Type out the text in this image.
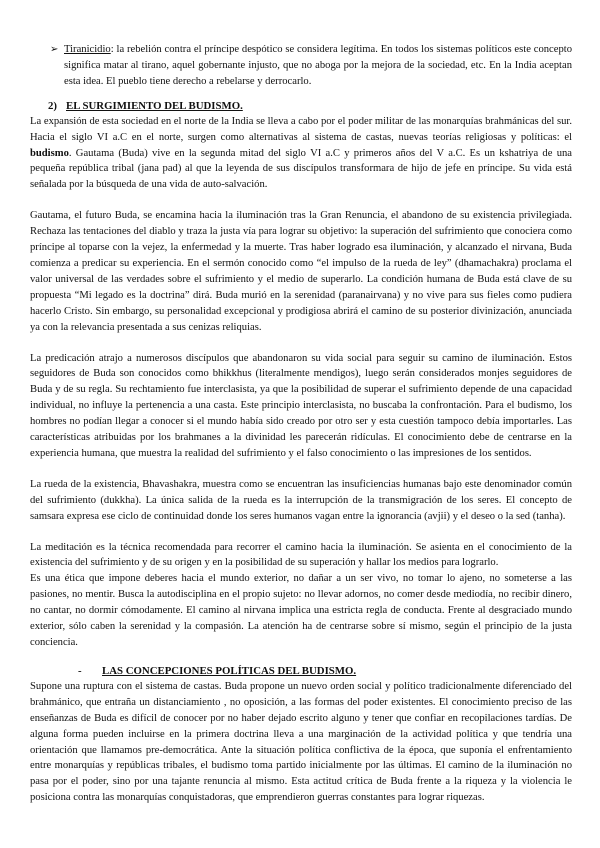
➢ Tiranicidio: la rebelión contra el príncipe despótico se considera legítima. En todos los sistemas políticos este concepto significa matar al tirano, aquel gobernante injusto, que no aboga por la mejora de la sociedad, etc. En la India aceptan esta idea. El pueblo tiene derecho a rebelarse y derrocarlo.

2) EL SURGIMIENTO DEL BUDISMO.

La expansión de esta sociedad en el norte de la India se lleva a cabo por el poder militar de las monarquías brahmánicas del sur. Hacia el siglo VI a.C en el norte, surgen como alternativas al sistema de castas, nuevas teorías religiosas y políticas: el budismo. Gautama (Buda) vive en la segunda mitad del siglo VI a.C y primeros años del V a.C. Es un kshatriya de una pequeña república tribal (jana pad) al que la leyenda de sus discípulos transformara de hijo de jefe en príncipe. Su vida está señalada por la búsqueda de una vida de auto-salvación.

Gautama, el futuro Buda, se encamina hacia la iluminación tras la Gran Renuncia, el abandono de su existencia privilegiada. Rechaza las tentaciones del diablo y traza la justa vía para lograr su objetivo: la superación del sufrimiento que conociera como príncipe al toparse con la vejez, la enfermedad y la muerte. Tras haber logrado esa iluminación, y alcanzado el nirvana, Buda comienza a predicar su experiencia. En el sermón conocido como “el impulso de la rueda de ley” (dhamachakra) proclama el valor universal de las verdades sobre el sufrimiento y el medio de superarlo. La condición humana de Buda está clave de su propuesta “Mi legado es la doctrina” dirá. Buda murió en la serenidad (paranairvana) y no vive para sus fieles como pudiera hacerlo Cristo. Sin embargo, su personalidad excepcional y prodigiosa abrirá el camino de su posterior divinización, anunciada ya con la relevancia presentada a sus cenizas reliquias.

La predicación atrajo a numerosos discípulos que abandonaron su vida social para seguir su camino de iluminación. Estos seguidores de Buda son conocidos como bhikkhus (literalmente mendigos), luego serán considerados monjes seguidores de Buda y de su regla. Su rechtamiento fue interclasista, ya que la posibilidad de superar el sufrimiento depende de una capacidad individual, no influye la pertenencia a una casta. Este principio interclasista, no buscaba la confrontación. Para el budismo, los hombres no podían llegar a conocer si el mundo había sido creado por otro ser y esta cuestión tampoco debía importarles. Las características atribuidas por los brahmanes a la divinidad les parecerán ridículas. El conocimiento debe de centrarse en la experiencia humana, que muestra la realidad del sufrimiento y el falso conocimiento o las impresiones de los sentidos.

La rueda de la existencia, Bhavashakra, muestra como se encuentran las insuficiencias humanas bajo este denominador común del sufrimiento (dukkha). La única salida de la rueda es la interrupción de la transmigración de los seres. El concepto de samsara expresa ese ciclo de continuidad donde los seres humanos vagan entre la ignorancia (avjii) y el deseo o la sed (tanha).

La meditación es la técnica recomendada para recorrer el camino hacia la iluminación. Se asienta en el conocimiento de la existencia del sufrimiento y de su origen y en la posibilidad de su superación y hallar los medios para lograrlo.

Es una ética que impone deberes hacia el mundo exterior, no dañar a un ser vivo, no tomar lo ajeno, no someterse a las pasiones, no mentir. Busca la autodisciplina en el propio sujeto: no llevar adornos, no comer desde mediodía, no recibir dinero, no cantar, no dormir cómodamente. El camino al nirvana implica una estricta regla de conducta. Frente al desgraciado mundo exterior, sólo caben la serenidad y la compasión. La atención ha de centrarse sobre sí mismo, según el principio de la justa conciencia.

- LAS CONCEPCIONES POLÍTICAS DEL BUDISMO.

Supone una ruptura con el sistema de castas. Buda propone un nuevo orden social y político tradicionalmente diferenciado del brahmánico, que entraña un distanciamiento , no oposición, a las formas del poder existentes. El conocimiento preciso de las enseñanzas de Buda es difícil de conocer por no haber dejado escrito alguno y tener que confiar en recopilaciones tardías. De alguna forma pueden incluirse en la primera doctrina lleva a una marginación de la actividad política y que tendría una orientación que llamamos pre-democrática. Ante la situación política conflictiva de la época, que suponía el enfrentamiento entre monarquías y repúblicas tribales, el budismo toma partido inicialmente por las últimas. El camino de la iluminación no pasa por el poder, sino por una tajante renuncia al mismo. Esta actitud crítica de Buda frente a la riqueza y la violencia le posiciona contra las monarquías conquistadoras, que emprendieron guerras constantes para lograr riquezas.
